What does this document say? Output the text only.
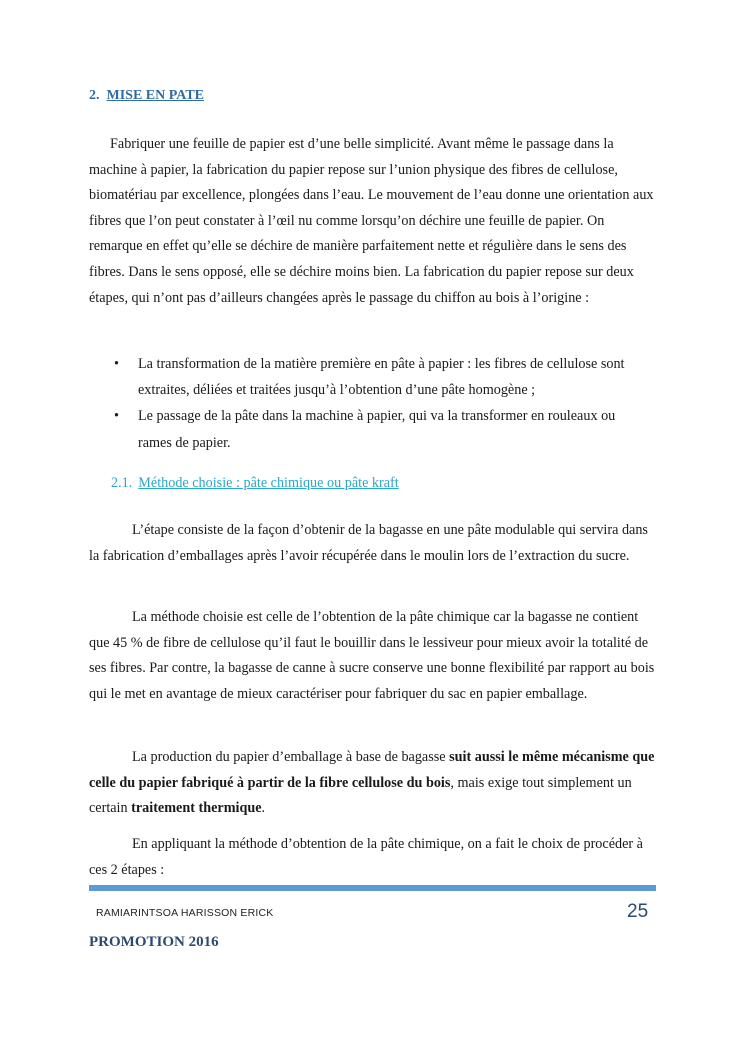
2. MISE EN PATE

Fabriquer une feuille de papier est d’une belle simplicité. Avant même le passage dans la machine à papier, la fabrication du papier repose sur l’union physique des fibres de cellulose, biomatériau par excellence, plongées dans l’eau. Le mouvement de l’eau donne une orientation aux fibres que l’on peut constater à l’œil nu comme lorsqu’on déchire une feuille de papier. On remarque en effet qu’elle se déchire de manière parfaitement nette et régulière dans le sens des fibres. Dans le sens opposé, elle se déchire moins bien. La fabrication du papier repose sur deux étapes, qui n’ont pas d’ailleurs changées après le passage du chiffon au bois à l’origine :

• La transformation de la matière première en pâte à papier : les fibres de cellulose sont extraites, déliées et traitées jusqu’à l’obtention d’une pâte homogène ;
• Le passage de la pâte dans la machine à papier, qui va la transformer en rouleaux ou rames de papier.
2.1. Méthode choisie : pâte chimique ou pâte kraft

L’étape consiste de la façon d’obtenir de la bagasse en une pâte modulable qui servira dans la fabrication d’emballages après l’avoir récupérée dans le moulin lors de l’extraction du sucre.

La méthode choisie est celle de l’obtention de la pâte chimique car la bagasse ne contient que 45 % de fibre de cellulose qu’il faut le bouillir dans le lessiveur pour mieux avoir la totalité de ses fibres. Par contre, la bagasse de canne à sucre conserve une bonne flexibilité par rapport au bois qui le met en avantage de mieux caractériser pour fabriquer du sac en papier emballage.

La production du papier d’emballage à base de bagasse suit aussi le même mécanisme que celle du papier fabriqué à partir de la fibre cellulose du bois, mais exige tout simplement un certain traitement thermique.

En appliquant la méthode d’obtention de la pâte chimique, on a fait le choix de procéder à ces 2 étapes :

RAMIARINTSOA HARISSON ERICK	25
PROMOTION 2016
